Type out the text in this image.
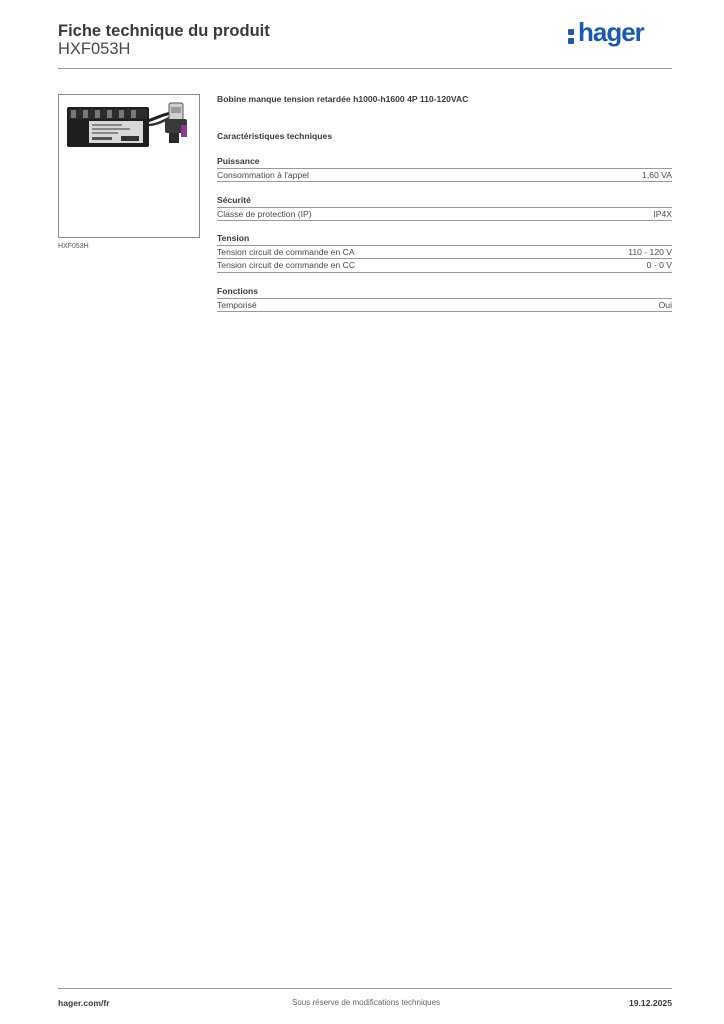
Fiche technique du produit
HXF053H
hager
HXF053H
Bobine manque tension retardée h1000-h1600 4P 110-120VAC
Caractéristiques techniques
Puissance
Consommation à l'appel	1,60 VA
Sécurité
Classe de protection (IP)	IP4X
Tension
Tension circuit de commande en CA	110 - 120 V
Tension circuit de commande en CC	0 - 0 V
Fonctions
Temporisé	Oui
hager.com/fr	Sous réserve de modifications techniques	19.12.2025
